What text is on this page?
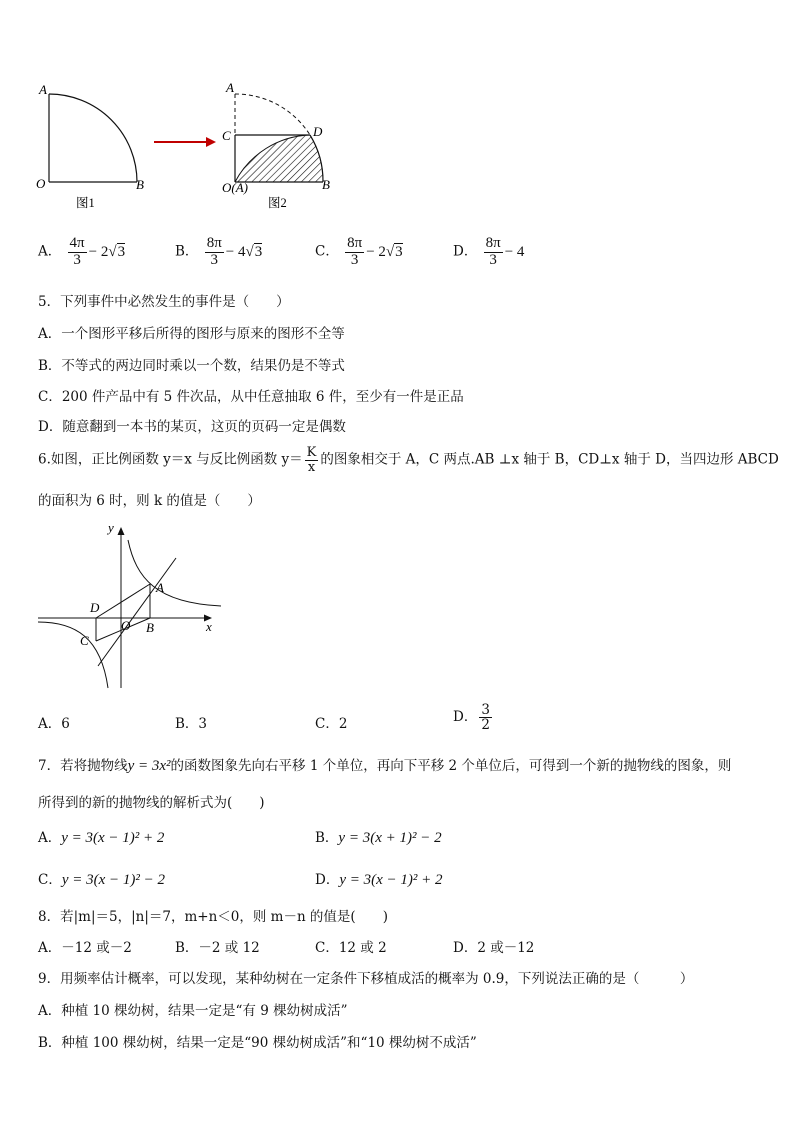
A
O	B
图1
A
C	D
O(A)	B
图2
A． $\frac{4\pi}{3} - 2√3$	B． $\frac{8\pi}{3} - 4√3$	C． $\frac{8\pi}{3} - 2√3$	D． $\frac{8\pi}{3} - 4$
5．下列事件中必然发生的事件是（　　）
A．一个图形平移后所得的图形与原来的图形不全等
B．不等式的两边同时乘以一个数，结果仍是不等式
C．200 件产品中有 5 件次品，从中任意抽取 6 件，至少有一件是正品
D．随意翻到一本书的某页，这页的页码一定是偶数
6.如图，正比例函数 y＝x 与反比例函数 $y= \frac{K}{x}$ 的图象相交于 A，C 两点.AB ⊥x 轴于 B，CD⊥x 轴于 D，当四边形 ABCD
的面积为 6 时，则 k 的值是（　　）
y
x
A
B
C
D
O
A．6	B．3	C．2	D． $\frac{3}{2}$
7．若将抛物线y = 3x²的函数图象先向右平移 1 个单位，再向下平移 2 个单位后，可得到一个新的抛物线的图象，则
所得到的新的抛物线的解析式为(　　)
A．y = 3(x − 1)² + 2	B．y = 3(x + 1)² − 2
C．y = 3(x − 1)² − 2	D．y = 3(x − 1)² + 2
8．若|m|＝5，|n|＝7，m+n＜0，则 m－n 的值是(　　)
A．－12 或－2	B．－2 或 12	C．12 或 2	D．2 或－12
9．用频率估计概率，可以发现，某种幼树在一定条件下移植成活的概率为 0.9，下列说法正确的是（　　　）
A．种植 10 棵幼树，结果一定是“有 9 棵幼树成活”
B．种植 100 棵幼树，结果一定是“90 棵幼树成活”和“10 棵幼树不成活”
